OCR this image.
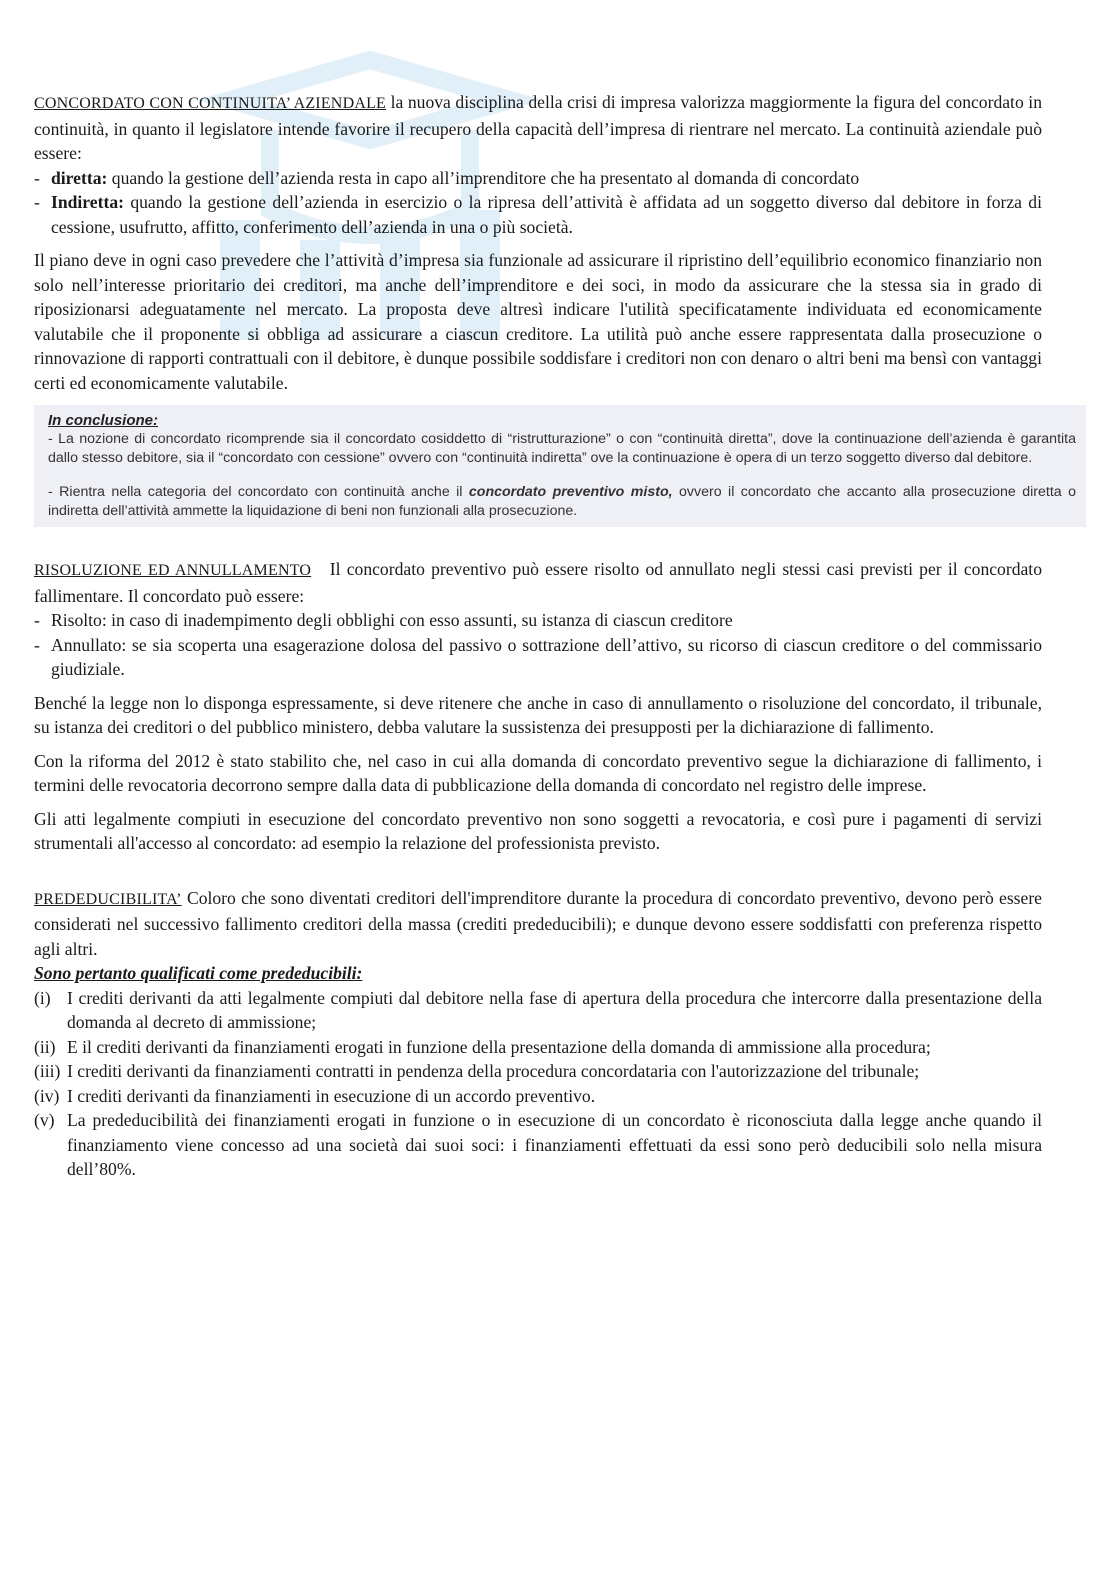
CONCORDATO CON CONTINUITA’ AZIENDALE la nuova disciplina della crisi di impresa valorizza maggiormente la figura del concordato in continuità, in quanto il legislatore intende favorire il recupero della capacità dell’impresa di rientrare nel mercato. La continuità aziendale può essere:

- diretta: quando la gestione dell’azienda resta in capo all’imprenditore che ha presentato al domanda di concordato
- Indiretta: quando la gestione dell’azienda in esercizio o la ripresa dell’attività è affidata ad un soggetto diverso dal debitore in forza di cessione, usufrutto, affitto, conferimento dell’azienda in una o più società.

Il piano deve in ogni caso prevedere che l’attività d’impresa sia funzionale ad assicurare il ripristino dell’equilibrio economico finanziario non solo nell’interesse prioritario dei creditori, ma anche dell’imprenditore e dei soci, in modo da assicurare che la stessa sia in grado di riposizionarsi adeguatamente nel mercato. La proposta deve altresì indicare l'utilità specificatamente individuata ed economicamente valutabile che il proponente si obbliga ad assicurare a ciascun creditore. La utilità può anche essere rappresentata dalla prosecuzione o rinnovazione di rapporti contrattuali con il debitore, è dunque possibile soddisfare i creditori non con denaro o altri beni ma bensì con vantaggi certi ed economicamente valutabile.

In conclusione:
- La nozione di concordato ricomprende sia il concordato cosiddetto di “ristrutturazione” o con “continuità diretta”, dove la continuazione dell’azienda è garantita dallo stesso debitore, sia il “concordato con cessione” ovvero con “continuità indiretta” ove la continuazione è opera di un terzo soggetto diverso dal debitore.
- Rientra nella categoria del concordato con continuità anche il concordato preventivo misto, ovvero il concordato che accanto alla prosecuzione diretta o indiretta dell’attività ammette la liquidazione di beni non funzionali alla prosecuzione.

RISOLUZIONE ED ANNULLAMENTO Il concordato preventivo può essere risolto od annullato negli stessi casi previsti per il concordato fallimentare. Il concordato può essere:

- Risolto: in caso di inadempimento degli obblighi con esso assunti, su istanza di ciascun creditore
- Annullato: se sia scoperta una esagerazione dolosa del passivo o sottrazione dell’attivo, su ricorso di ciascun creditore o del commissario giudiziale.

Benché la legge non lo disponga espressamente, si deve ritenere che anche in caso di annullamento o risoluzione del concordato, il tribunale, su istanza dei creditori o del pubblico ministero, debba valutare la sussistenza dei presupposti per la dichiarazione di fallimento.

Con la riforma del 2012 è stato stabilito che, nel caso in cui alla domanda di concordato preventivo segue la dichiarazione di fallimento, i termini delle revocatoria decorrono sempre dalla data di pubblicazione della domanda di concordato nel registro delle imprese.

Gli atti legalmente compiuti in esecuzione del concordato preventivo non sono soggetti a revocatoria, e così pure i pagamenti di servizi strumentali all'accesso al concordato: ad esempio la relazione del professionista previsto.

PREDEDUCIBILITA’ Coloro che sono diventati creditori dell'imprenditore durante la procedura di concordato preventivo, devono però essere considerati nel successivo fallimento creditori della massa (crediti prededucibili); e dunque devono essere soddisfatti con preferenza rispetto agli altri.

Sono pertanto qualificati come prededucibili:
(i) I crediti derivanti da atti legalmente compiuti dal debitore nella fase di apertura della procedura che intercorre dalla presentazione della domanda al decreto di ammissione;
(ii) E il crediti derivanti da finanziamenti erogati in funzione della presentazione della domanda di ammissione alla procedura;
(iii) I crediti derivanti da finanziamenti contratti in pendenza della procedura concordataria con l'autorizzazione del tribunale;
(iv) I crediti derivanti da finanziamenti in esecuzione di un accordo preventivo.
(v) La prededucibilità dei finanziamenti erogati in funzione o in esecuzione di un concordato è riconosciuta dalla legge anche quando il finanziamento viene concesso ad una società dai suoi soci: i finanziamenti effettuati da essi sono però deducibili solo nella misura dell’80%.
